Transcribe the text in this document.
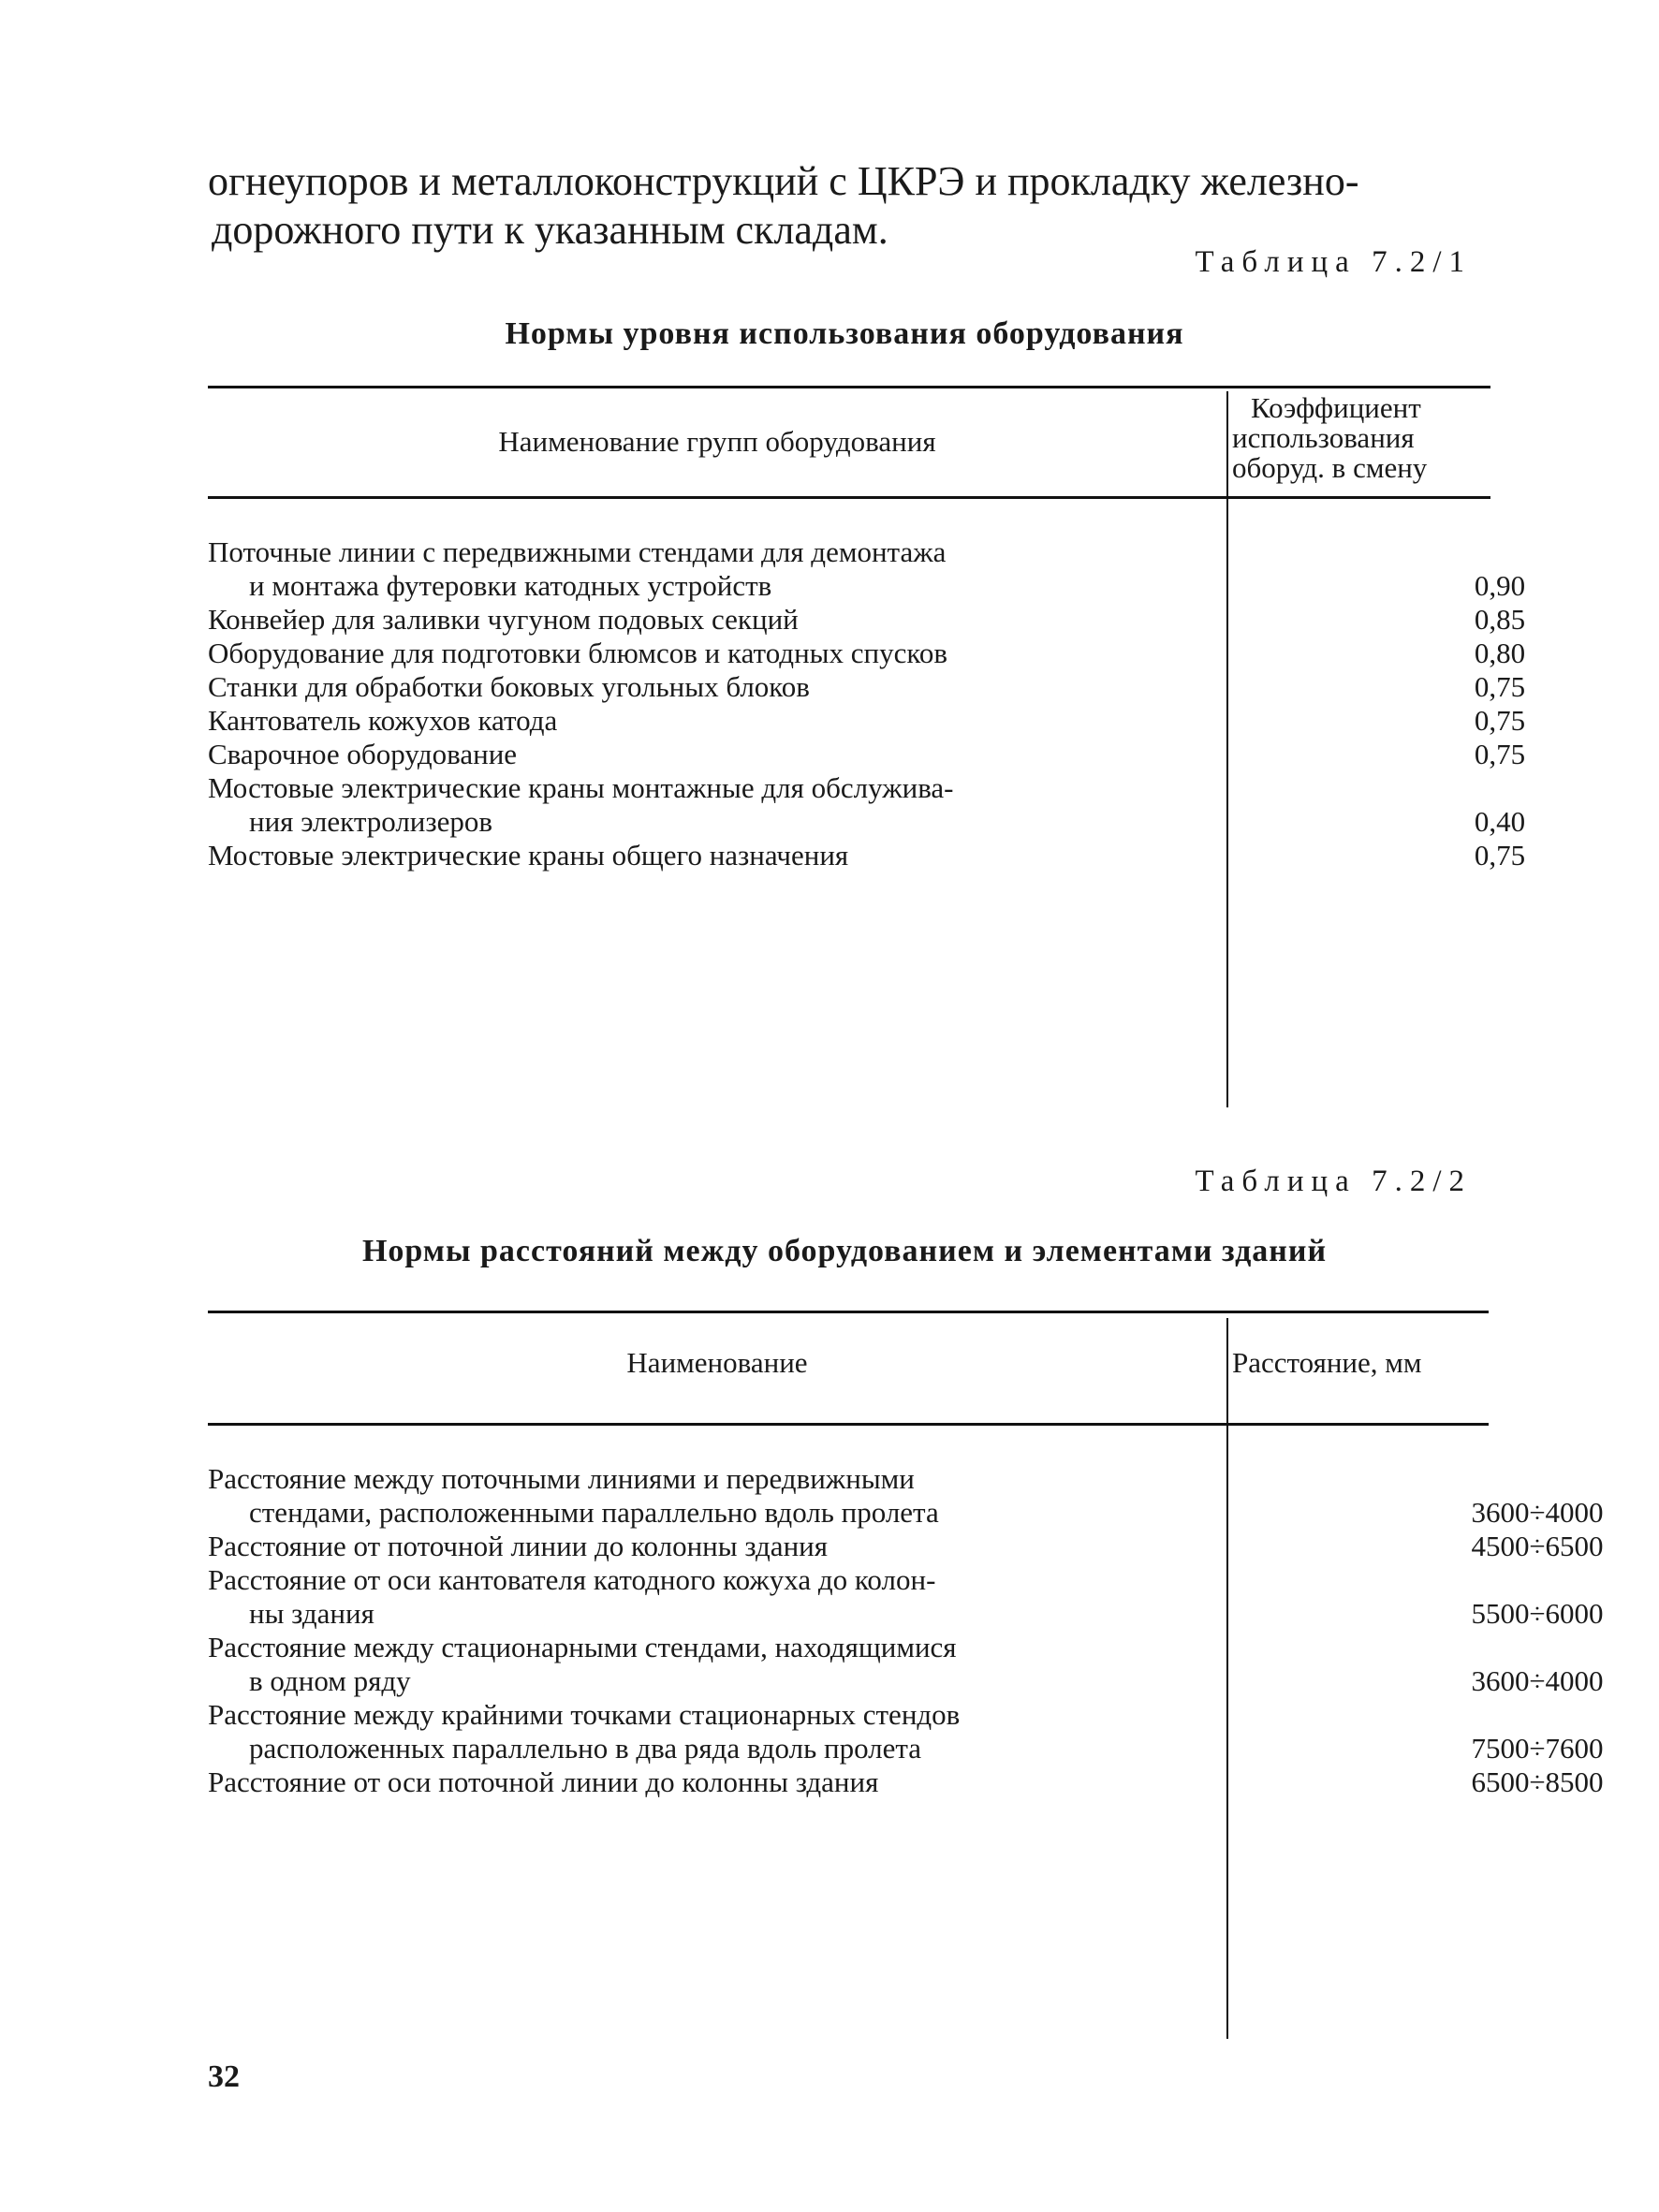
огнеупоров и металлоконструкций с ЦКРЭ и прокладку железно-
дорожного пути к указанным складам.
Таблица 7.2/1
Нормы уровня использования оборудования
Наименование групп оборудования
Коэффициент
использования
оборуд. в смену
Поточные линии с передвижными стендами для демонтажа
и монтажа футеровки катодных устройств	0,90
Конвейер для заливки чугуном подовых секций	0,85
Оборудование для подготовки блюмсов и катодных спусков	0,80
Станки для обработки боковых угольных блоков	0,75
Кантователь кожухов катода	0,75
Сварочное оборудование	0,75
Мостовые электрические краны монтажные для обслужива-
ния электролизеров	0,40
Мостовые электрические краны общего назначения	0,75
Таблица 7.2/2
Нормы расстояний между оборудованием и элементами зданий
Наименование	Расстояние, мм
Расстояние между поточными линиями и передвижными
стендами, расположенными параллельно вдоль пролета	3600÷4000
Расстояние от поточной линии до колонны здания	4500÷6500
Расстояние от оси кантователя катодного кожуха до колон-
ны здания	5500÷6000
Расстояние между стационарными стендами, находящимися
в одном ряду	3600÷4000
Расстояние между крайними точками стационарных стендов
расположенных параллельно в два ряда вдоль пролета	7500÷7600
Расстояние от оси поточной линии до колонны здания	6500÷8500
32
